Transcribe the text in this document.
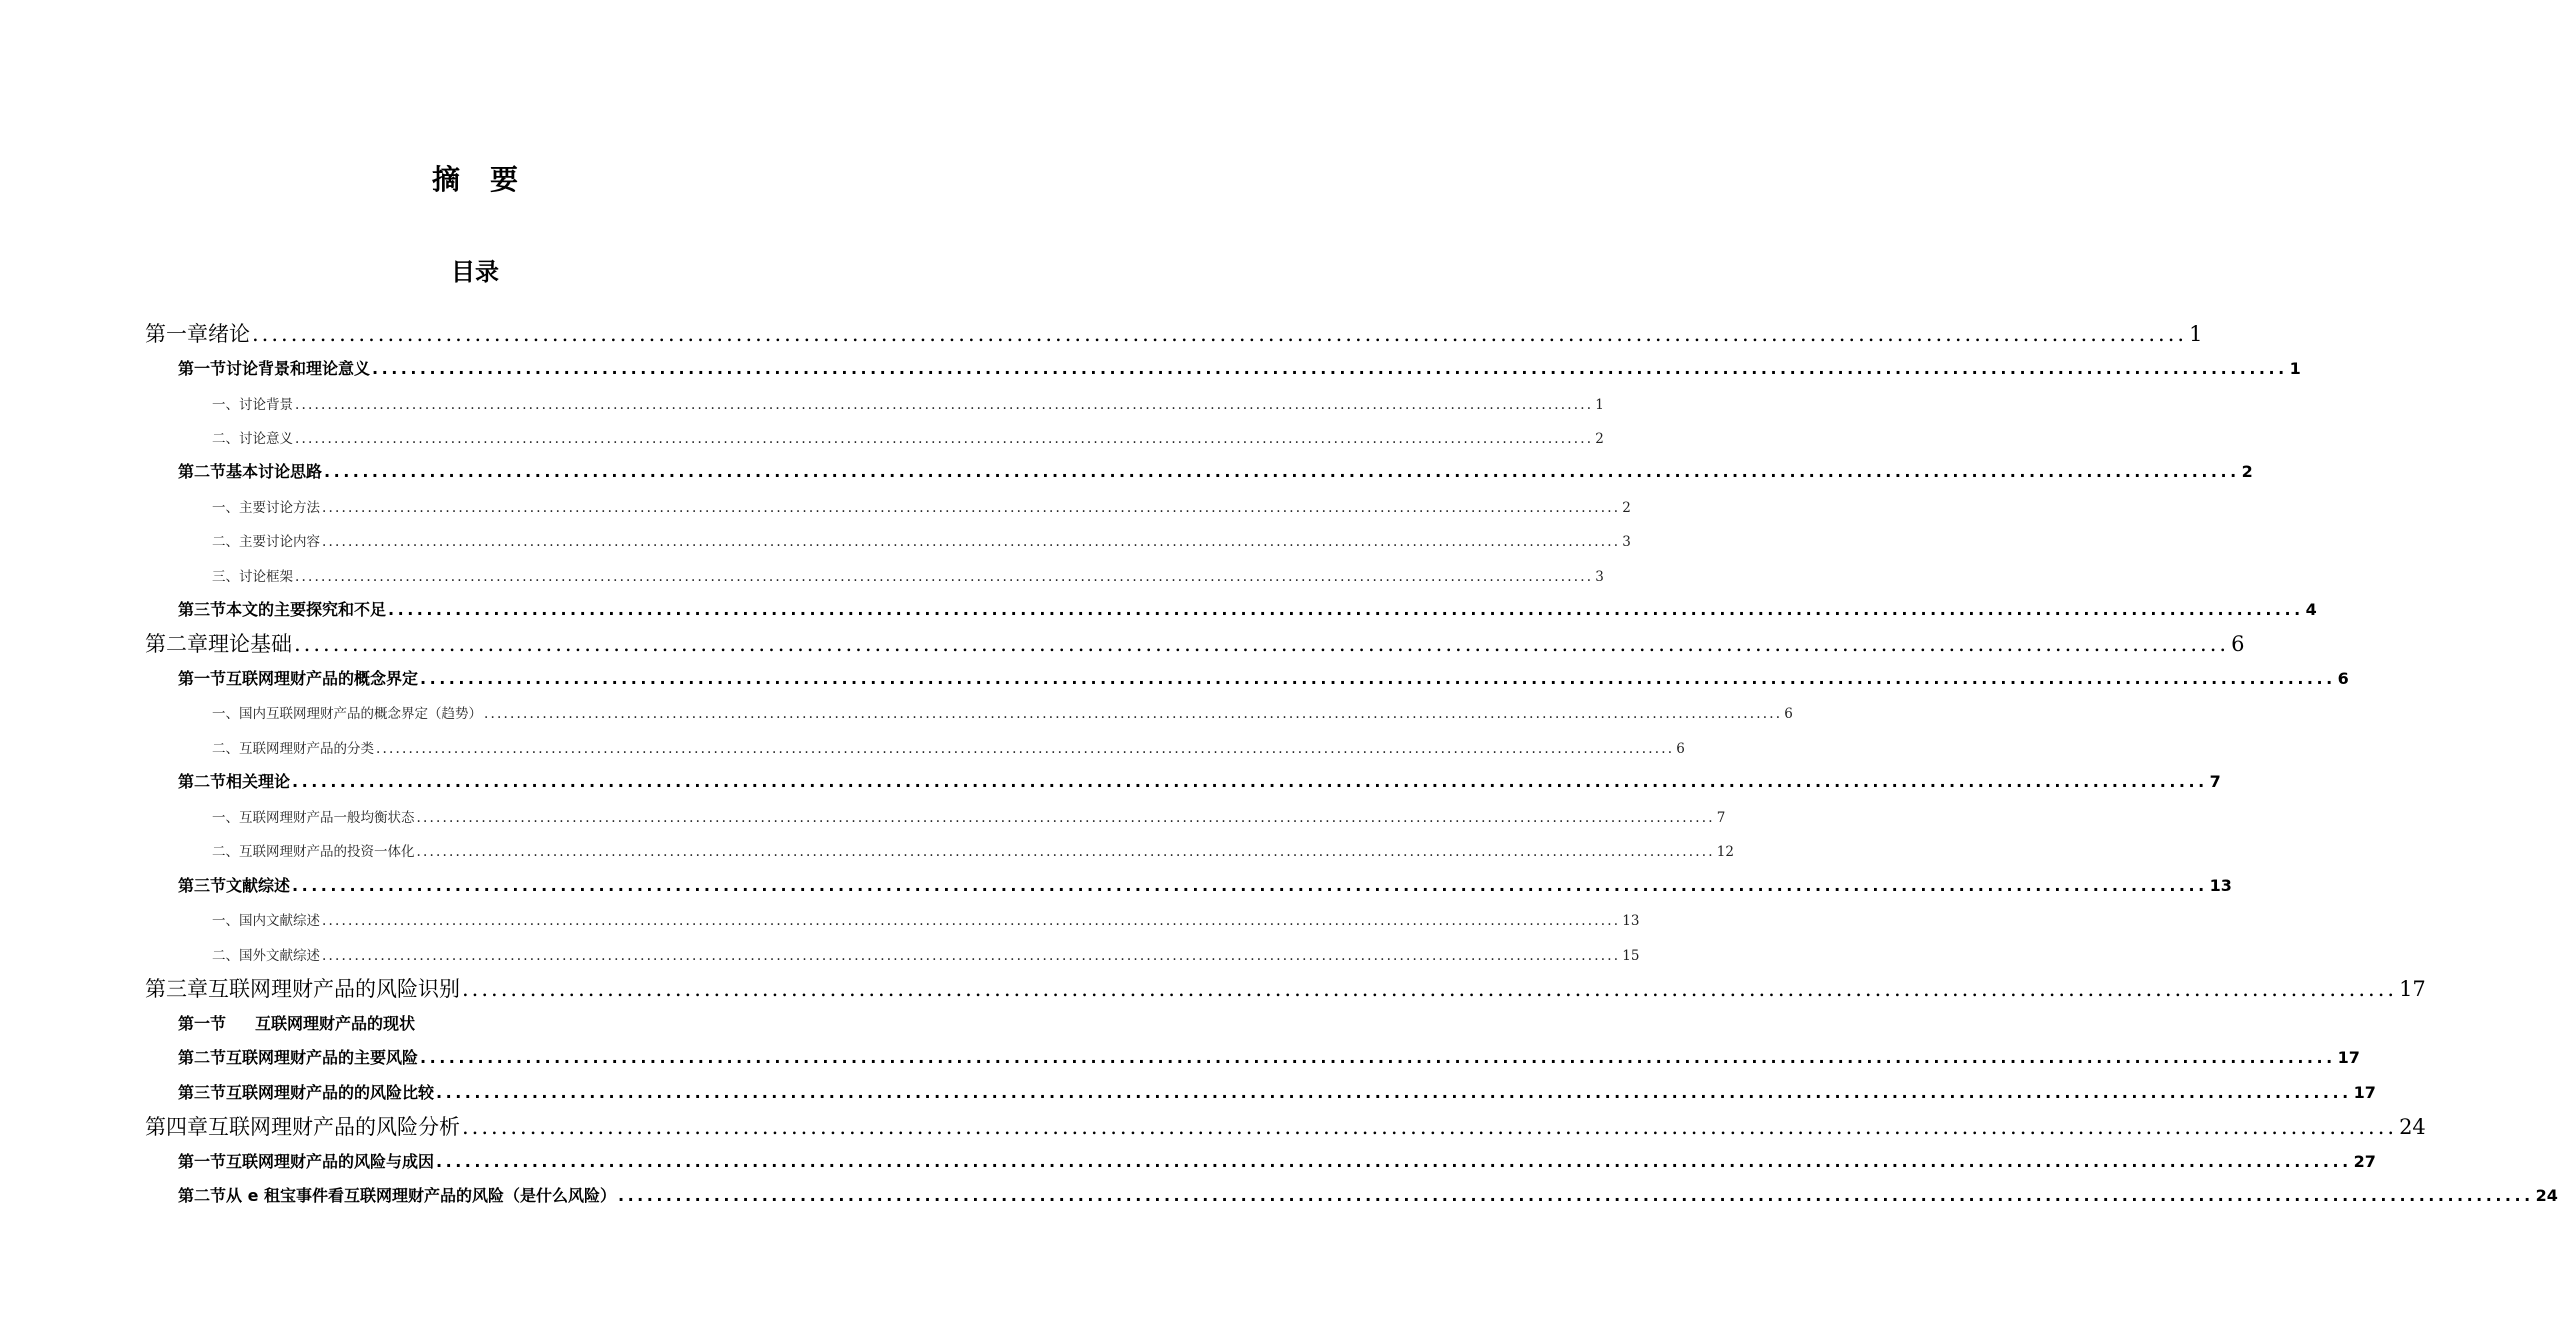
摘要
目录
第一章 绪论 ........................................................................................................................................................................................................ 1
第一节 讨论背景和理论意义 ........................................................................................................................................................................................................ 1
一、讨论背景 ........................................................................................................................................................................................................ 1
二、讨论意义 ........................................................................................................................................................................................................ 2
第二节 基本讨论思路 ........................................................................................................................................................................................................ 2
一、主要讨论方法 ........................................................................................................................................................................................................ 2
二、主要讨论内容 ........................................................................................................................................................................................................ 3
三、讨论框架 ........................................................................................................................................................................................................ 3
第三节 本文的主要探究和不足 ........................................................................................................................................................................................................ 4
第二章 理论基础 ........................................................................................................................................................................................................ 6
第一节 互联网理财产品的概念界定 ........................................................................................................................................................................................................ 6
一、国内互联网理财产品的概念界定（趋势） ........................................................................................................................................................................................................ 6
二、互联网理财产品的分类 ........................................................................................................................................................................................................ 6
第二节 相关理论 ........................................................................................................................................................................................................ 7
一、互联网理财产品一般均衡状态 ........................................................................................................................................................................................................ 7
二、互联网理财产品的投资一体化 ........................................................................................................................................................................................................ 12
第三节 文献综述 ........................................................................................................................................................................................................ 13
一、国内文献综述 ........................................................................................................................................................................................................ 13
二、国外文献综述 ........................................................................................................................................................................................................ 15
第三章 互联网理财产品的风险识别 ........................................................................................................................................................................................................ 17
第一节	互联网理财产品的现状
第二节 互联网理财产品的主要风险 ........................................................................................................................................................................................................ 17
第三节 互联网理财产品的的风险比较 ........................................................................................................................................................................................................ 17
第四章 互联网理财产品的风险分析 ........................................................................................................................................................................................................ 24
第一节 互联网理财产品的风险与成因 ........................................................................................................................................................................................................ 27
第二节 从 e 租宝事件看互联网理财产品的风险（是什么风险） ........................................................................................................................................................................................................ 24
